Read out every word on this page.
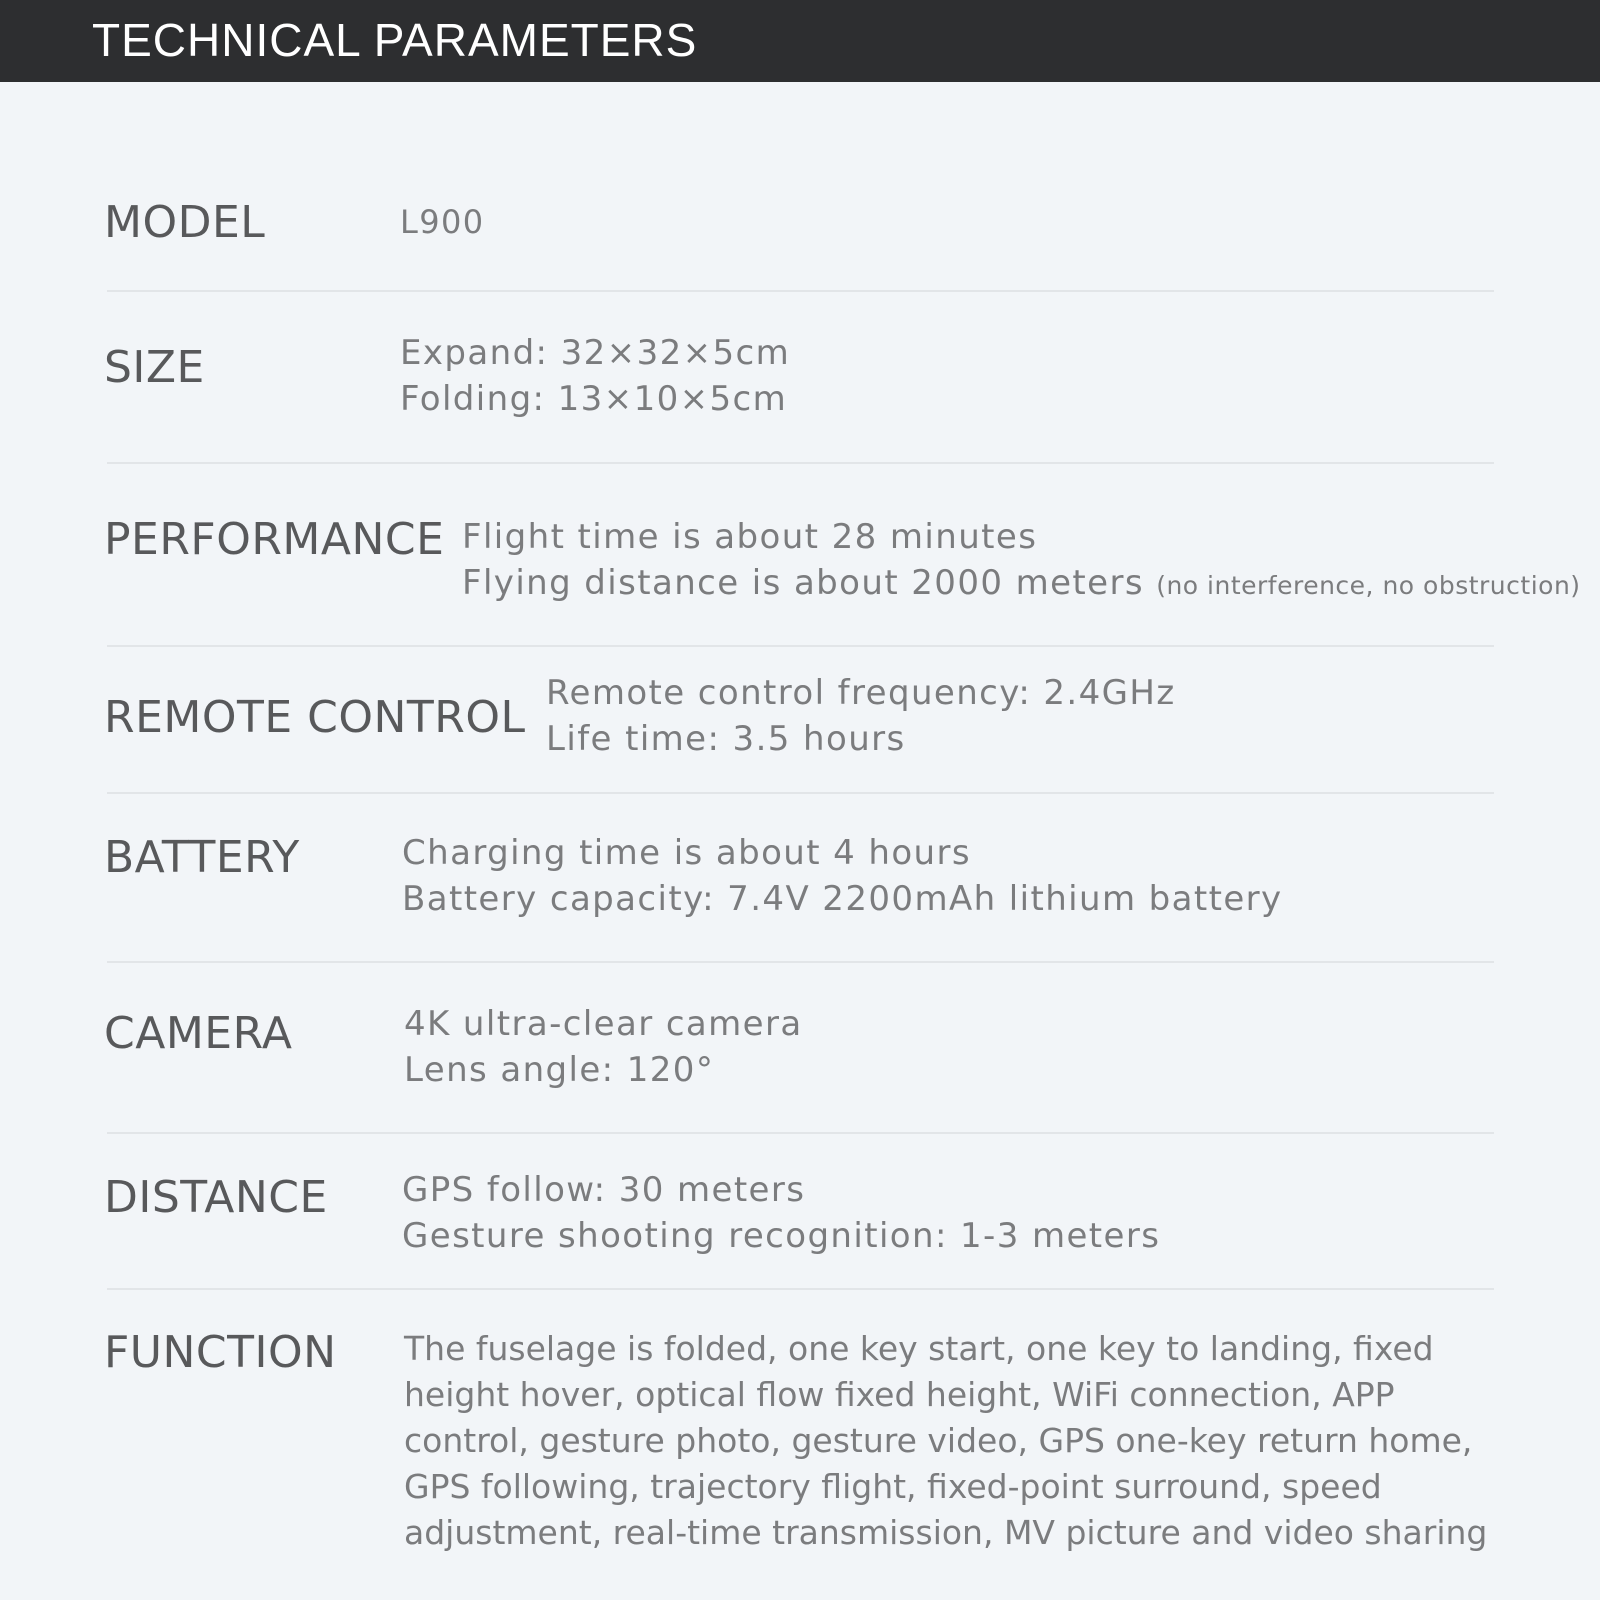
TECHNICAL PARAMETERS
MODEL	L900
SIZE	Expand: 32×32×5cm
Folding: 13×10×5cm
PERFORMANCE Flight time is about 28 minutes
Flying distance is about 2000 meters (no interference, no obstruction)
REMOTE CONTROL Remote control frequency: 2.4GHz
Life time: 3.5 hours
BATTERY	Charging time is about 4 hours
Battery capacity: 7.4V 2200mAh lithium battery
CAMERA	4K ultra-clear camera
Lens angle: 120°
DISTANCE GPS follow: 30 meters
Gesture shooting recognition: 1-3 meters
FUNCTION The fuselage is folded, one key start, one key to landing, fixed height hover, optical flow fixed height, WiFi connection, APP control, gesture photo, gesture video, GPS one-key return home, GPS following, trajectory flight, fixed-point surround, speed adjustment, real-time transmission, MV picture and video sharing
